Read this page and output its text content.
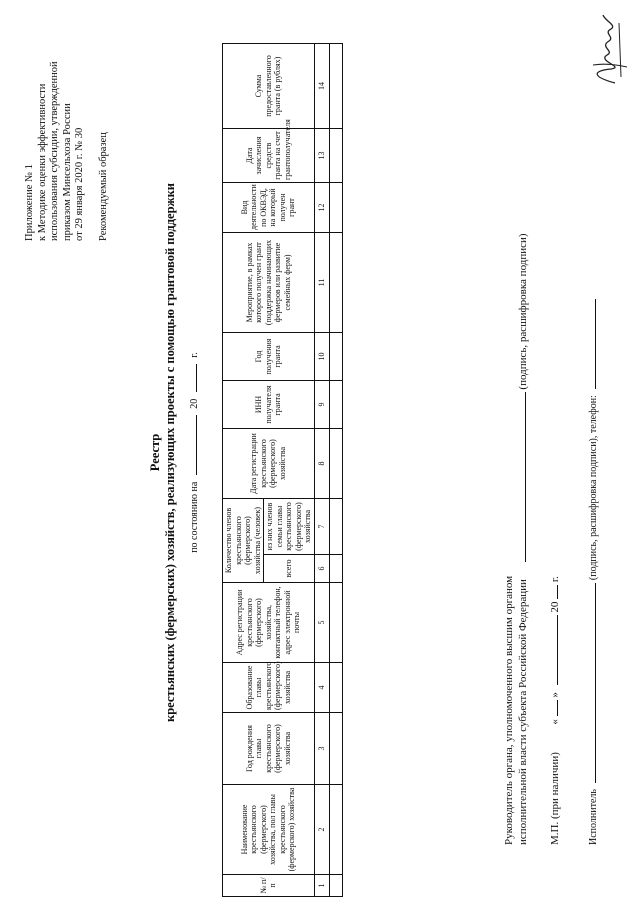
Приложение № 1 к Методике оценки эффективности использования субсидии, утвержденной приказом Минсельхоза России от 29 января 2020 г. № 30 Рекомендуемый образец
Реестр крестьянских (фермерских) хозяйств, реализующих проекты с помощью грантовой поддержки	по состоянию на  20  г.
№ п/п	Наименование крестьянского (фермерского) хозяйства, пол главы крестьянского (фермерского) хозяйства	Год рождения главы крестьянского (фермерского) хозяйства	Образование главы крестьянского (фермерского) хозяйства	Адрес регистрации крестьянского (фермерского) хозяйства, контактный телефон, адрес электронной почты	Количество членов крестьянского (фермерского) хозяйства (человек)		Дата регистрации крестьянского (фермерского) хозяйства	ИНН получателя гранта	Год получения гранта	Мероприятие, в рамках которого получен грант (поддержка начинающих фермеров или развитие семейных ферм)	Вид деятельности по ОКВЭД, на который получен грант	Дата зачисления средств гранта на счет грантополучателя	Сумма предоставленного гранта (в рублях)
					всего	из них членов семьи главы крестьянского (фермерского) хозяйства							
1	2	3	4	5	6	7	8	9	10	11	12	13	14

Руководитель органа, уполномоченного высшим органом исполнительной власти субъекта Российской Федерации  (подпись, расшифровка подписи)
М.П. (при наличии)  «  »  20  г.
Исполнитель  (подпись, расшифровка подписи), телефон:
